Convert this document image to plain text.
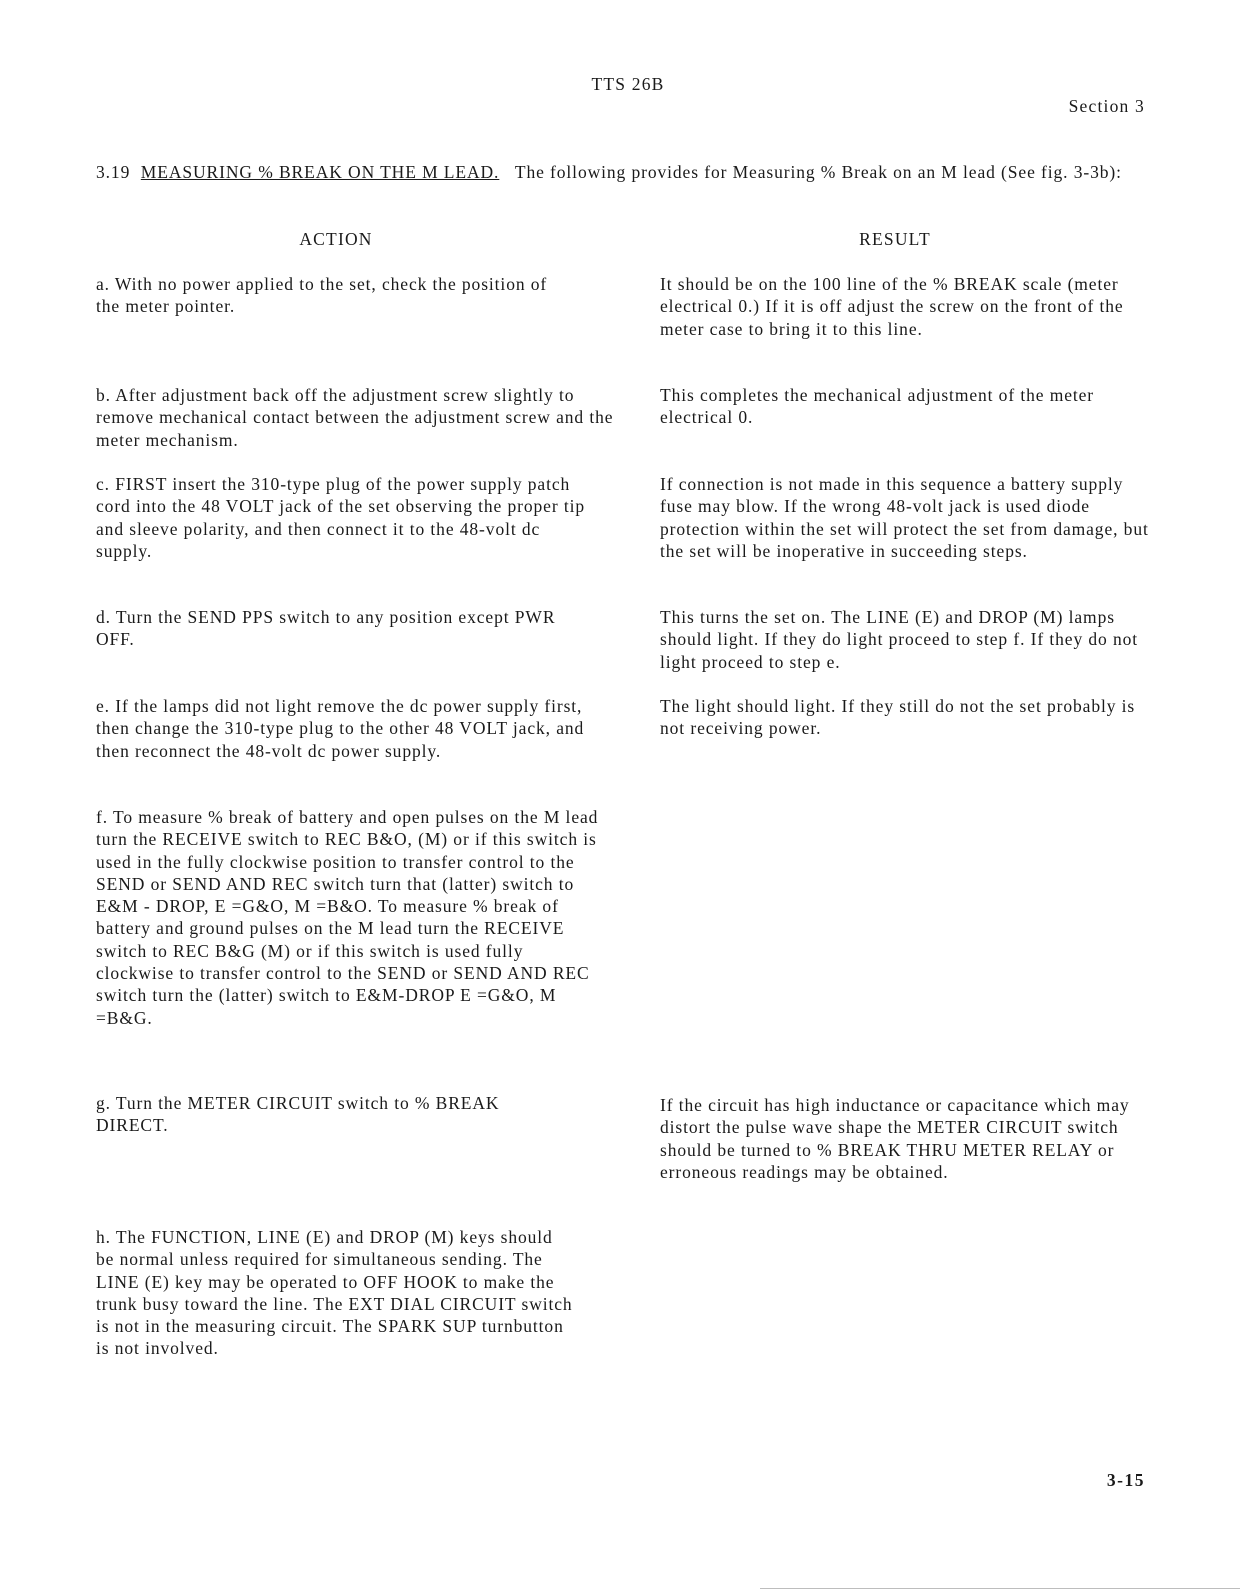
TTS 26B
Section 3
3.19 MEASURING % BREAK ON THE M LEAD. The following provides for Measuring % Break on an M lead (See fig. 3-3b):
ACTION	RESULT
a. With no power applied to the set, check the position of the meter pointer.
It should be on the 100 line of the % BREAK scale (meter electrical 0.) If it is off adjust the screw on the front of the meter case to bring it to this line.
b. After adjustment back off the adjustment screw slightly to remove mechanical contact between the adjustment screw and the meter mechanism.
This completes the mechanical adjustment of the meter electrical 0.
c. FIRST insert the 310-type plug of the power supply patch cord into the 48 VOLT jack of the set observing the proper tip and sleeve polarity, and then connect it to the 48-volt dc supply.
If connection is not made in this sequence a battery supply fuse may blow. If the wrong 48-volt jack is used diode protection within the set will protect the set from damage, but the set will be inoperative in succeeding steps.
d. Turn the SEND PPS switch to any position except PWR OFF.
This turns the set on. The LINE (E) and DROP (M) lamps should light. If they do light proceed to step f. If they do not light proceed to step e.
e. If the lamps did not light remove the dc power supply first, then change the 310-type plug to the other 48 VOLT jack, and then reconnect the 48-volt dc power supply.
The light should light. If they still do not the set probably is not receiving power.
f. To measure % break of battery and open pulses on the M lead turn the RECEIVE switch to REC B&O, (M) or if this switch is used in the fully clockwise position to transfer control to the SEND or SEND AND REC switch turn that (latter) switch to E&M - DROP, E =G&O, M =B&O. To measure % break of battery and ground pulses on the M lead turn the RECEIVE switch to REC B&G (M) or if this switch is used fully clockwise to transfer control to the SEND or SEND AND REC switch turn the (latter) switch to E&M-DROP E =G&O, M =B&G.
g. Turn the METER CIRCUIT switch to % BREAK DIRECT.
If the circuit has high inductance or capacitance which may distort the pulse wave shape the METER CIRCUIT switch should be turned to % BREAK THRU METER RELAY or erroneous readings may be obtained.
h. The FUNCTION, LINE (E) and DROP (M) keys should be normal unless required for simultaneous sending. The LINE (E) key may be operated to OFF HOOK to make the trunk busy toward the line. The EXT DIAL CIRCUIT switch is not in the measuring circuit. The SPARK SUP turnbutton is not involved.
3-15
